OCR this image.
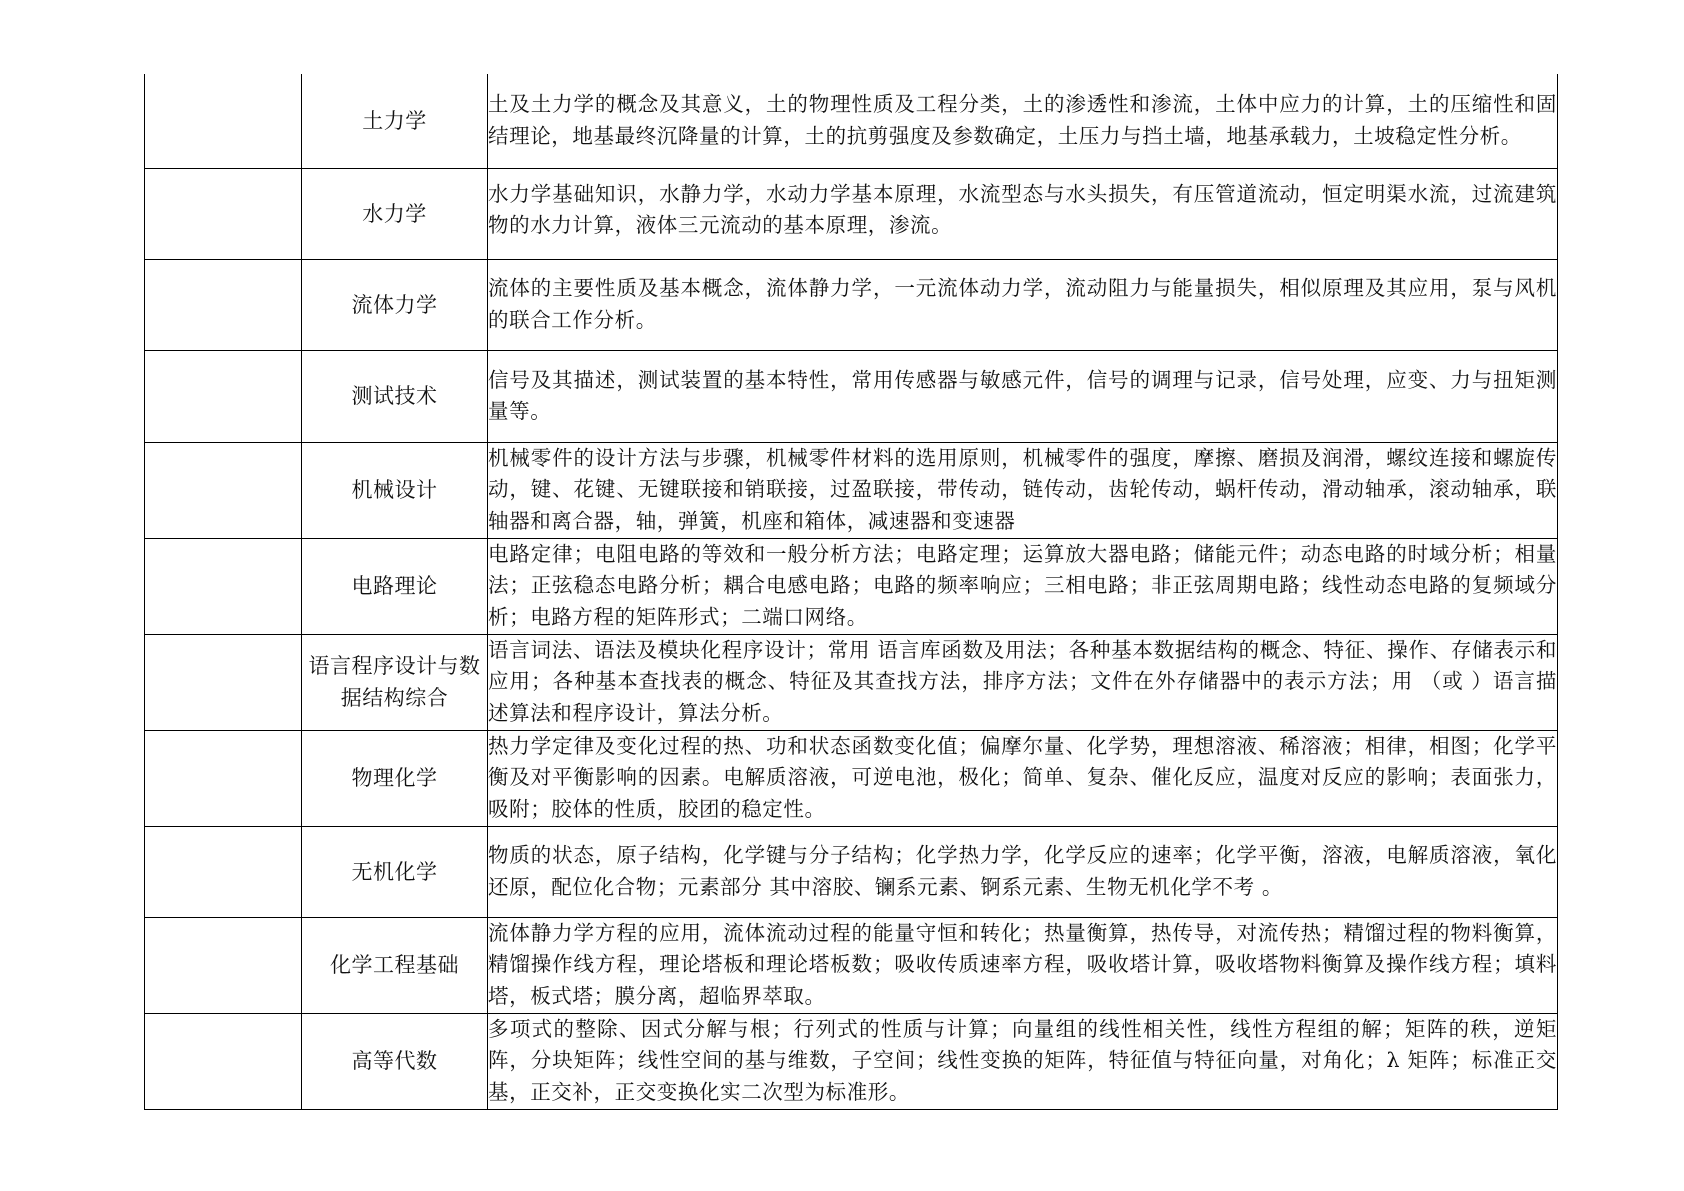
	土力学	土及土力学的概念及其意义，土的物理性质及工程分类，土的渗透性和渗流，土体中应力的计算，土的压缩性和固结理论，地基最终沉降量的计算，土的抗剪强度及参数确定，土压力与挡土墙，地基承载力，土坡稳定性分析。
	水力学	水力学基础知识，水静力学，水动力学基本原理，水流型态与水头损失，有压管道流动，恒定明渠水流，过流建筑物的水力计算，液体三元流动的基本原理，渗流。
	流体力学	流体的主要性质及基本概念，流体静力学，一元流体动力学，流动阻力与能量损失，相似原理及其应用，泵与风机的联合工作分析。
	测试技术	信号及其描述，测试装置的基本特性，常用传感器与敏感元件，信号的调理与记录，信号处理，应变、力与扭矩测量等。
	机械设计	机械零件的设计方法与步骤，机械零件材料的选用原则，机械零件的强度，摩擦、磨损及润滑，螺纹连接和螺旋传动，键、花键、无键联接和销联接，过盈联接，带传动，链传动，齿轮传动，蜗杆传动，滑动轴承，滚动轴承，联轴器和离合器，轴，弹簧，机座和箱体，减速器和变速器
	电路理论	电路定律；电阻电路的等效和一般分析方法；电路定理；运算放大器电路；储能元件；动态电路的时域分析；相量法；正弦稳态电路分析；耦合电感电路；电路的频率响应；三相电路；非正弦周期电路；线性动态电路的复频域分析；电路方程的矩阵形式；二端口网络。
	语言程序设计与数据结构综合	语言词法、语法及模块化程序设计；常用 语言库函数及用法；各种基本数据结构的概念、特征、操作、存储表示和应用；各种基本查找表的概念、特征及其查找方法，排序方法；文件在外存储器中的表示方法；用 （或 ）语言描述算法和程序设计，算法分析。
	物理化学	热力学定律及变化过程的热、功和状态函数变化值；偏摩尔量、化学势，理想溶液、稀溶液；相律，相图；化学平衡及对平衡影响的因素。电解质溶液，可逆电池，极化；简单、复杂、催化反应，温度对反应的影响；表面张力，吸附；胶体的性质，胶团的稳定性。
	无机化学	物质的状态，原子结构，化学键与分子结构；化学热力学，化学反应的速率；化学平衡，溶液，电解质溶液，氧化还原，配位化合物；元素部分 其中溶胶、镧系元素、锕系元素、生物无机化学不考 。
	化学工程基础	流体静力学方程的应用，流体流动过程的能量守恒和转化；热量衡算，热传导，对流传热；精馏过程的物料衡算，精馏操作线方程，理论塔板和理论塔板数；吸收传质速率方程，吸收塔计算，吸收塔物料衡算及操作线方程；填料塔，板式塔；膜分离，超临界萃取。
	高等代数	多项式的整除、因式分解与根；行列式的性质与计算；向量组的线性相关性，线性方程组的解；矩阵的秩，逆矩阵，分块矩阵；线性空间的基与维数，子空间；线性变换的矩阵，特征值与特征向量，对角化；λ 矩阵；标准正交基，正交补，正交变换化实二次型为标准形。
